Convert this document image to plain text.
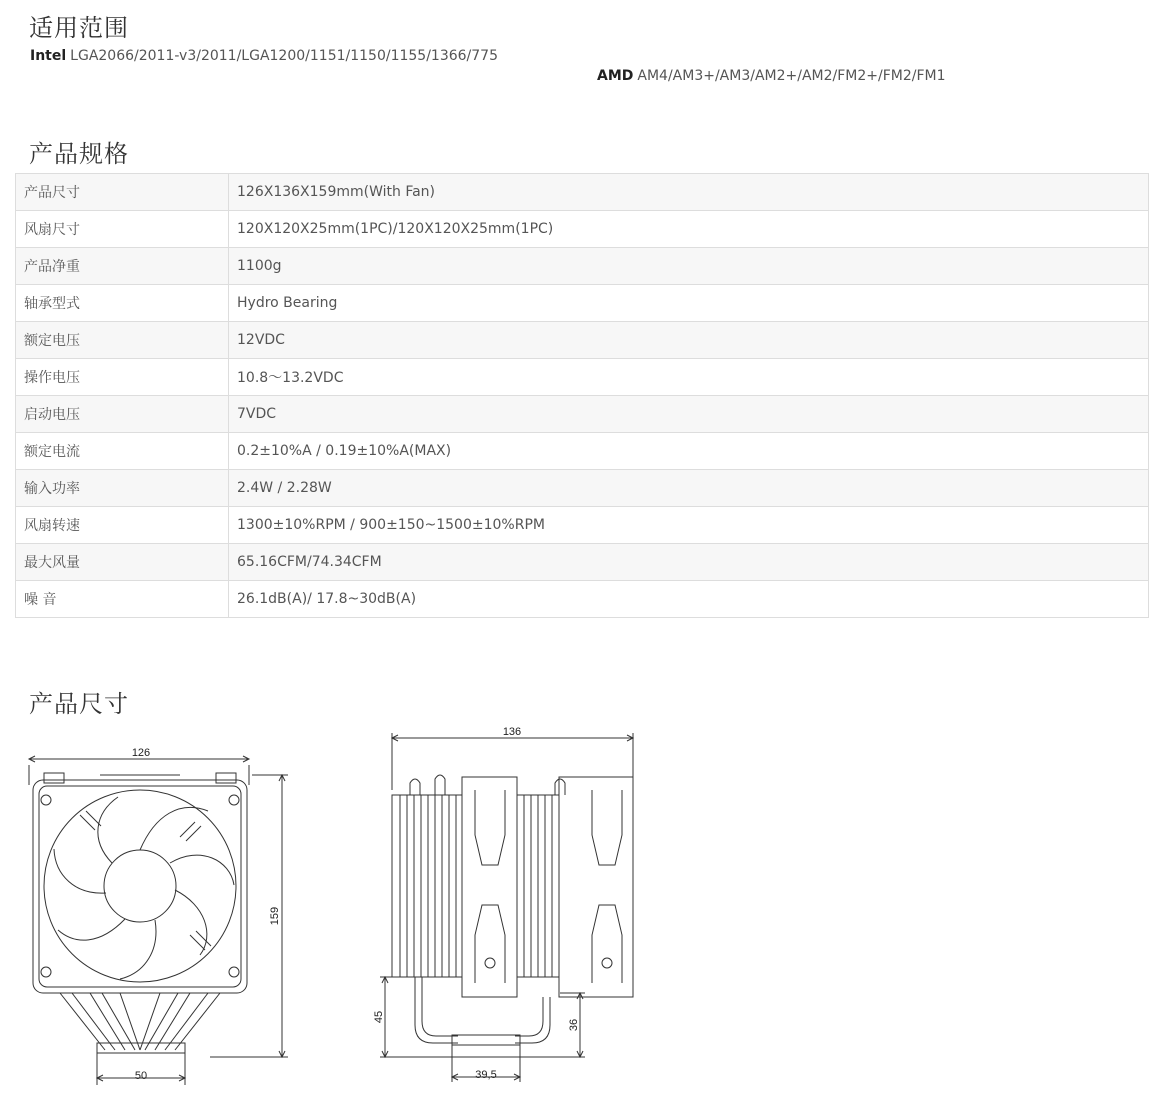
适用范围
Intel LGA2066/2011-v3/2011/LGA1200/1151/1150/1155/1366/775
AMD AM4/AM3+/AM3/AM2+/AM2/FM2+/FM2/FM1
产品规格
产品尺寸	126X136X159mm(With Fan)
风扇尺寸	120X120X25mm(1PC)/120X120X25mm(1PC)
产品净重	1100g
轴承型式	Hydro Bearing
额定电压	12VDC
操作电压	10.8～13.2VDC
启动电压	7VDC
额定电流	0.2±10%A / 0.19±10%A(MAX)
输入功率	2.4W / 2.28W
风扇转速	1300±10%RPM / 900±150~1500±10%RPM
最大风量	65.16CFM/74.34CFM
噪 音	26.1dB(A)/ 17.8~30dB(A)
产品尺寸
126
159
50
136
45
36
39,5
